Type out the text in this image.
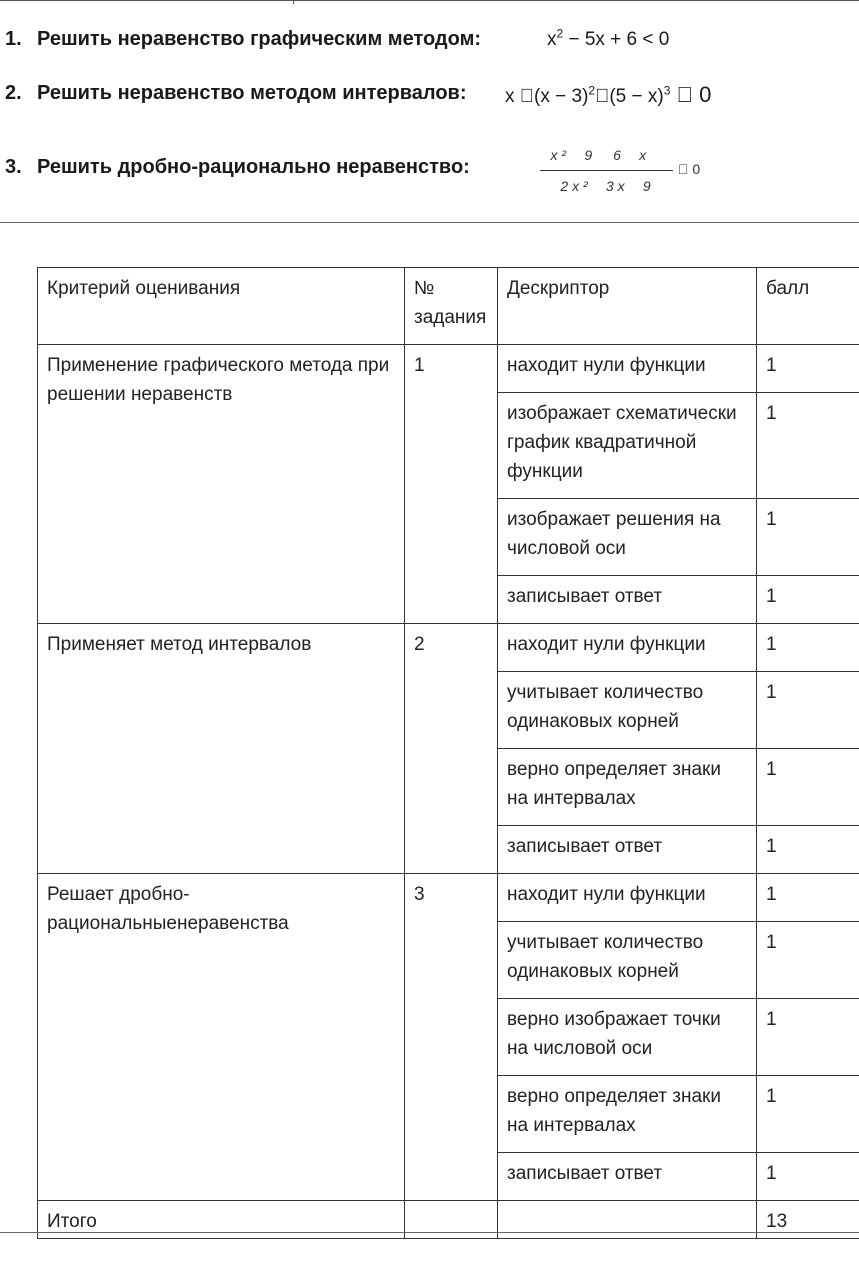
1. Решить неравенство графическим методом:	$x^2 - 5x + 6 < 0$
2. Решить неравенство методом интервалов: x  (x − 3)$^2$ (5 − x)$^3$   0
3. Решить дробно-рационально неравенство:
 x ²   9  6   x 
  2 x ²   3 x   9
  0
Критерий оценивания	№ задания	Дескриптор	балл
Применение графического метода при решении неравенств	1	находит нули функции	1
		изображает схематически график квадратичной функции	1
		изображает решения на числовой оси	1
		записывает ответ	1
Применяет метод интервалов	2	находит нули функции	1
		учитывает количество одинаковых корней	1
		верно определяет знаки на интервалах	1
		записывает ответ	1
Решает дробно-рациональныенеравенства	3	находит нули функции	1
		учитывает количество одинаковых корней	1
		верно изображает точки на числовой оси	1
		верно определяет знаки на интервалах	1
		записывает ответ	1
Итого			13
